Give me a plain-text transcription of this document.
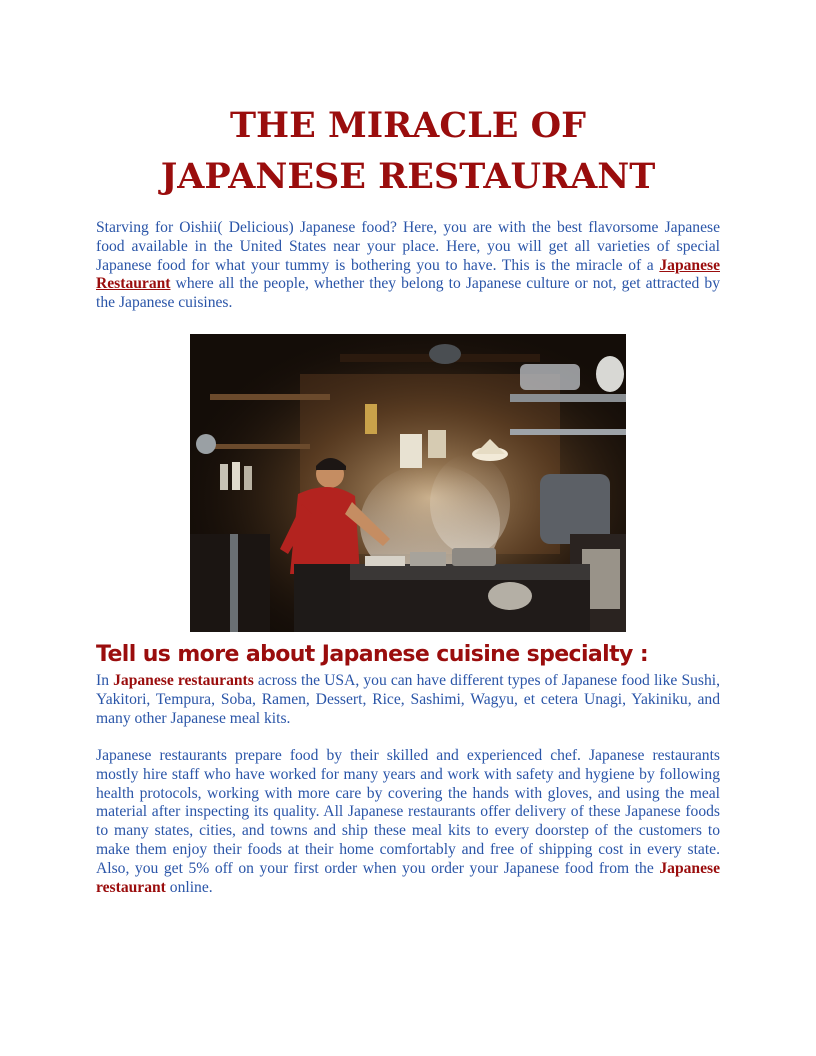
THE MIRACLE OF
JAPANESE RESTAURANT

Starving for Oishii( Delicious) Japanese food? Here, you are with the best flavorsome Japanese food available in the United States near your place. Here, you will get all varieties of special Japanese food for what your tummy is bothering you to have. This is the miracle of a Japanese Restaurant where all the people, whether they belong to Japanese culture or not, get attracted by the Japanese cuisines.

Tell us more about Japanese cuisine specialty :

In Japanese restaurants across the USA, you can have different types of Japanese food like Sushi, Yakitori, Tempura, Soba, Ramen, Dessert, Rice, Sashimi, Wagyu, et cetera Unagi, Yakiniku, and many other Japanese meal kits.

Japanese restaurants prepare food by their skilled and experienced chef. Japanese restaurants mostly hire staff who have worked for many years and work with safety and hygiene by following health protocols, working with more care by covering the hands with gloves, and using the meal material after inspecting its quality. All Japanese restaurants offer delivery of these Japanese foods to many states, cities, and towns and ship these meal kits to every doorstep of the customers to make them enjoy their foods at their home comfortably and free of shipping cost in every state. Also, you get 5% off on your first order when you order your Japanese food from the Japanese restaurant online.
